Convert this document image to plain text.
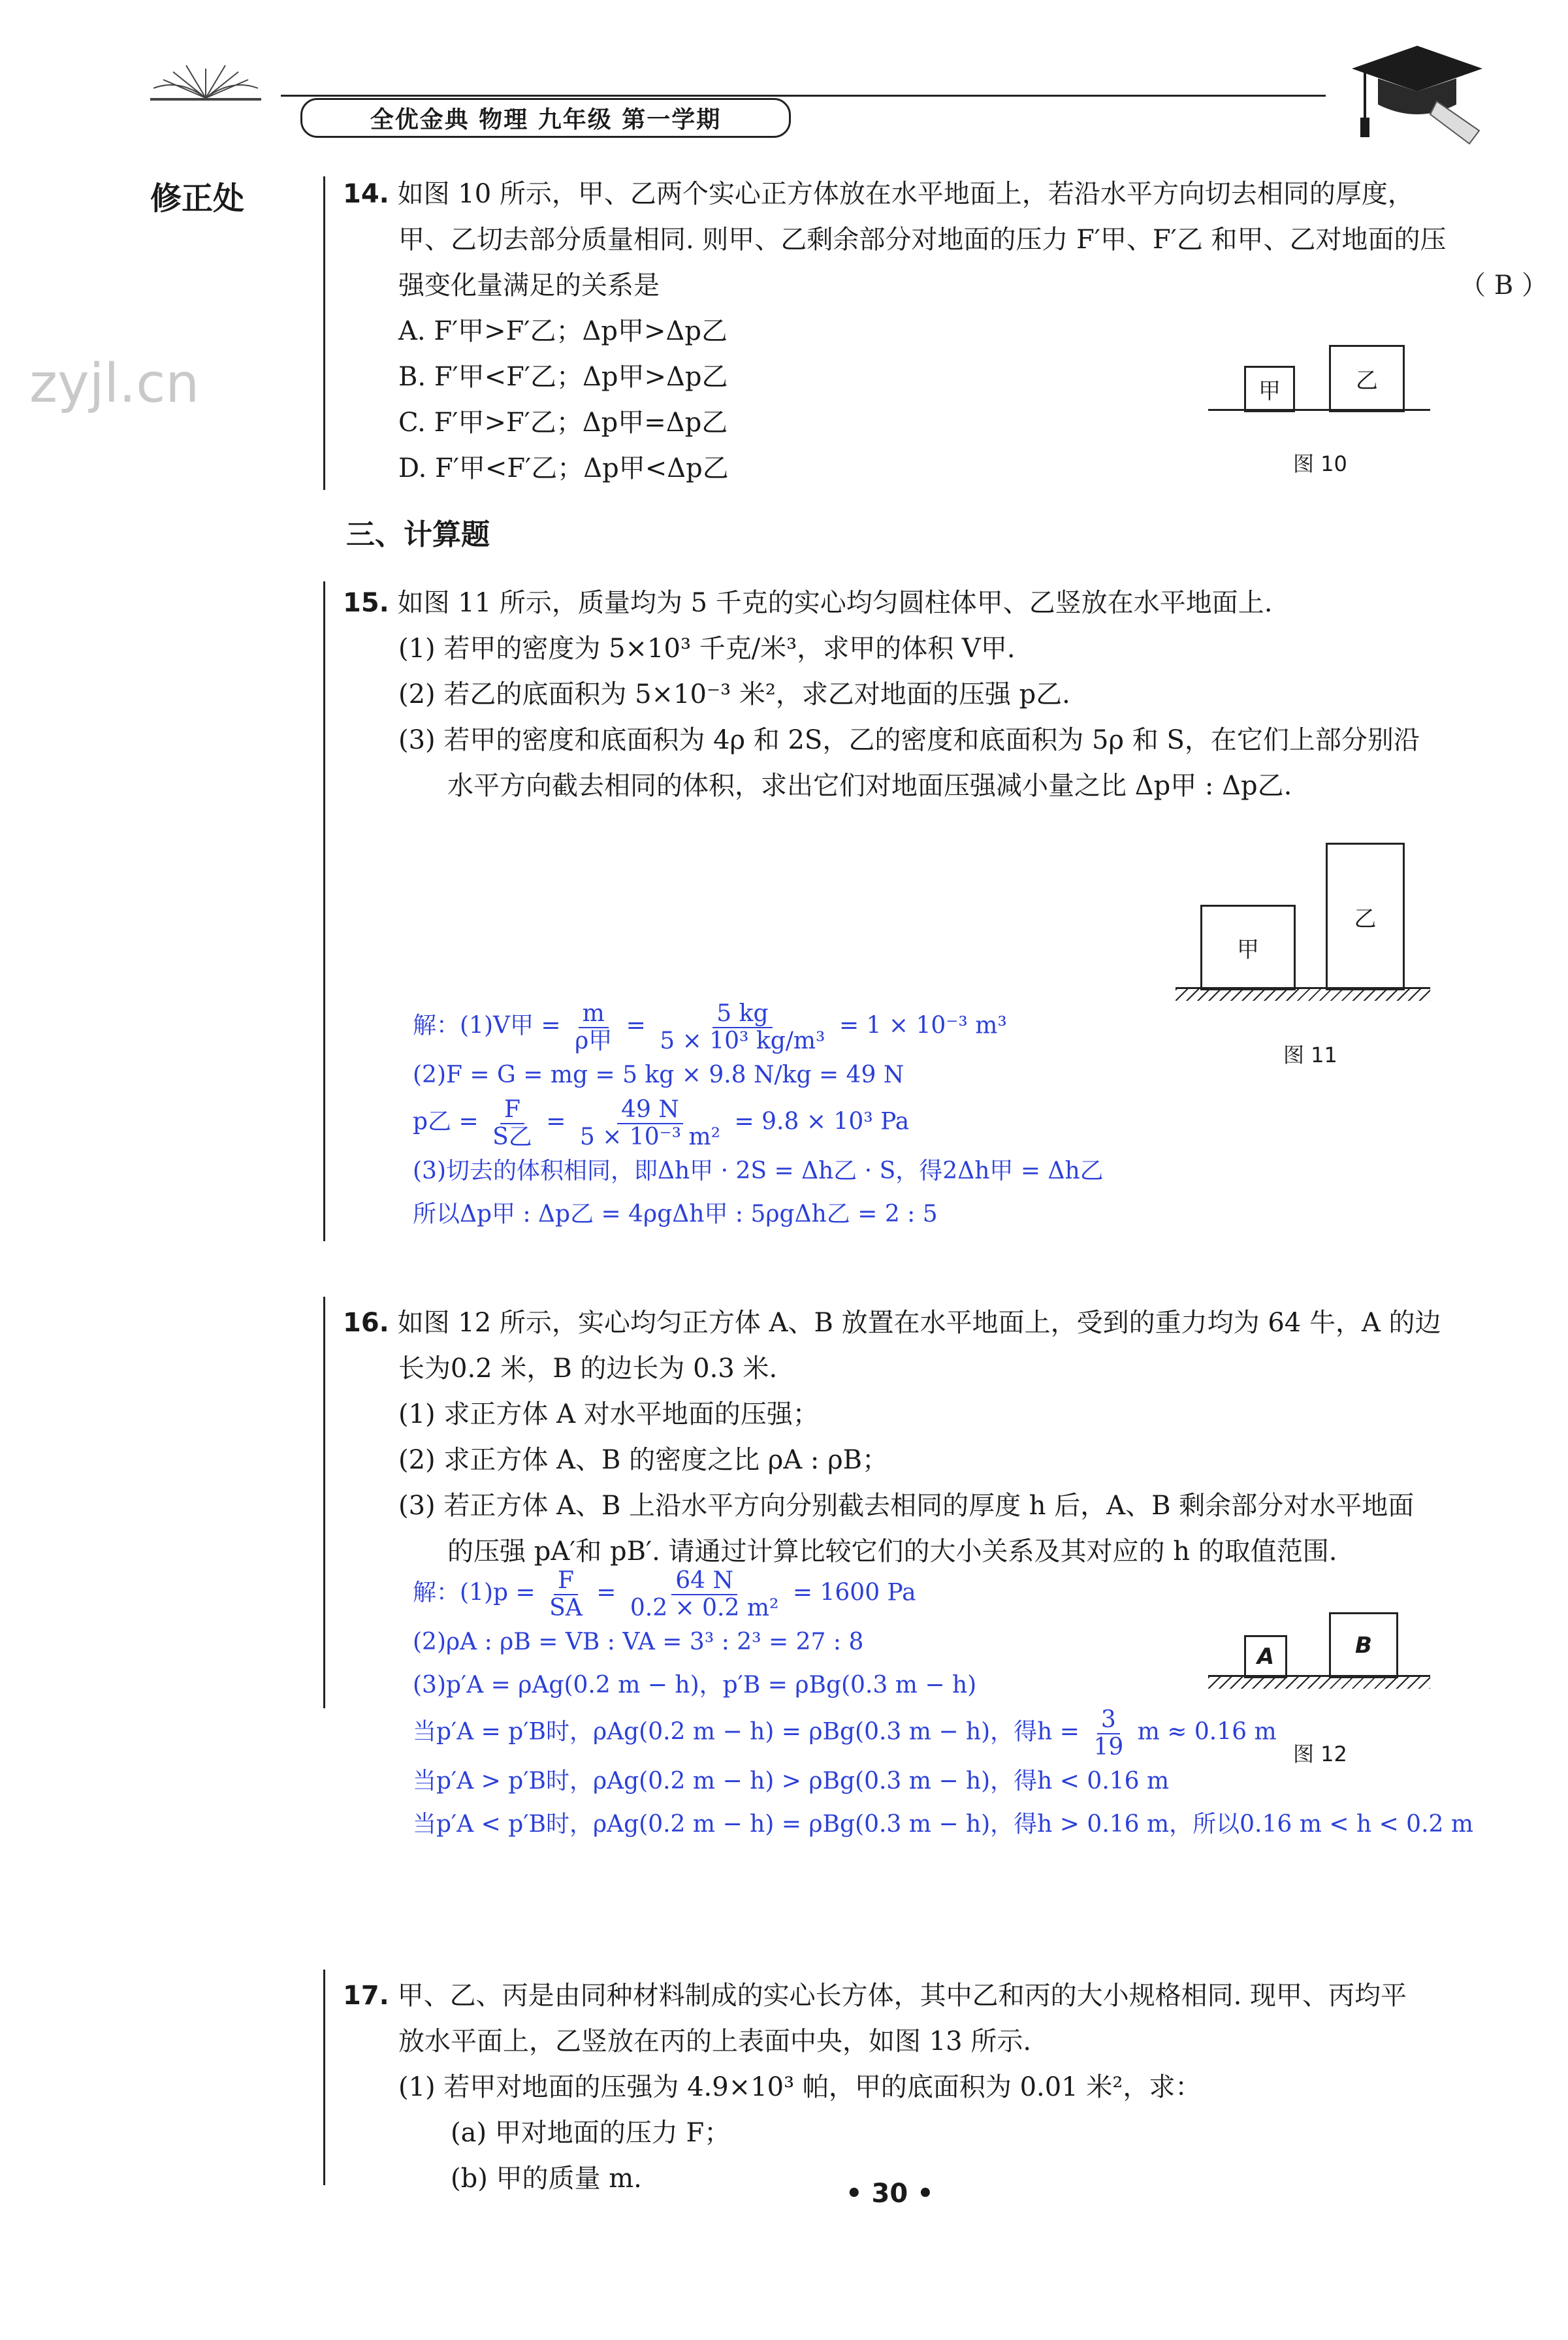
全优金典 物理 九年级 第一学期
修正处
zyjl.cn

14. 如图 10 所示，甲、乙两个实心正方体放在水平地面上，若沿水平方向切去相同的厚度，

甲、乙切去部分质量相同. 则甲、乙剩余部分对地面的压力 F′甲、F′乙 和甲、乙对地面的压

强变化量满足的关系是	（ B ）

A. F′甲>F′乙；Δp甲>Δp乙

B. F′甲<F′乙；Δp甲>Δp乙

C. F′甲>F′乙；Δp甲=Δp乙

D. F′甲<F′乙；Δp甲<Δp乙

甲	乙
图 10
三、计算题

15. 如图 11 所示，质量均为 5 千克的实心均匀圆柱体甲、乙竖放在水平地面上.

(1) 若甲的密度为 5×10³ 千克/米³，求甲的体积 V甲.

(2) 若乙的底面积为 5×10⁻³ 米²，求乙对地面的压强 p乙.

(3) 若甲的密度和底面积为 4ρ 和 2S，乙的密度和底面积为 5ρ 和 S，在它们上部分别沿

水平方向截去相同的体积，求出它们对地面压强减小量之比 Δp甲 : Δp乙.

甲
乙
图 11

解：(1)V甲 = $\frac{m}{\text{ρ甲}} = \frac{5 kg}{\text{5 × 10³ kg/m³}} = 1 \times 10^{-3}$ m³

(2)F = G = mg = 5 kg × 9.8 N/kg = 49 N

p乙 = $\frac{F}{\text{S乙}} = \frac{49 N}{\text{5 × 10⁻³ m²}} = 9.8 \times 10^3$ Pa

(3)切去的体积相同，即Δh甲 · 2S = Δh乙 · S，得2Δh甲 = Δh乙

所以Δp甲 : Δp乙 = 4ρgΔh甲 : 5ρgΔh乙 = 2 : 5

16. 如图 12 所示，实心均匀正方体 A、B 放置在水平地面上，受到的重力均为 64 牛，A 的边

长为0.2 米，B 的边长为 0.3 米.

(1) 求正方体 A 对水平地面的压强；

(2) 求正方体 A、B 的密度之比 ρA : ρB；

(3) 若正方体 A、B 上沿水平方向分别截去相同的厚度 h 后，A、B 剩余部分对水平地面

的压强 pA′和 pB′. 请通过计算比较它们的大小关系及其对应的 h 的取值范围.

A	B
图 12

解：$(1)p = \frac{F}{SA} = \frac{64 N}{\text{0.2 × 0.2 m²}} = 1600$ Pa

(2)ρA : ρB = VB : VA = 3³ : 2³ = 27 : 8

(3)p′A = ρAg(0.2 m − h)，p′B = ρBg(0.3 m − h)

当p′A = p′B时，ρAg(0.2 m − h) = ρBg(0.3 m − h)，得$h = \frac{3}{19}$ m ≈ 0.16 m

当p′A > p′B时，ρAg(0.2 m − h) > ρBg(0.3 m − h)，得h < 0.16 m

当p′A < p′B时，ρAg(0.2 m − h) = ρBg(0.3 m − h)，得h > 0.16 m，所以0.16 m < h < 0.2 m

17. 甲、乙、丙是由同种材料制成的实心长方体，其中乙和丙的大小规格相同. 现甲、丙均平

放水平面上，乙竖放在丙的上表面中央，如图 13 所示.

(1) 若甲对地面的压强为 4.9×10³ 帕，甲的底面积为 0.01 米²，求：

(a) 甲对地面的压力 F；

(b) 甲的质量 m.	• 30 •
